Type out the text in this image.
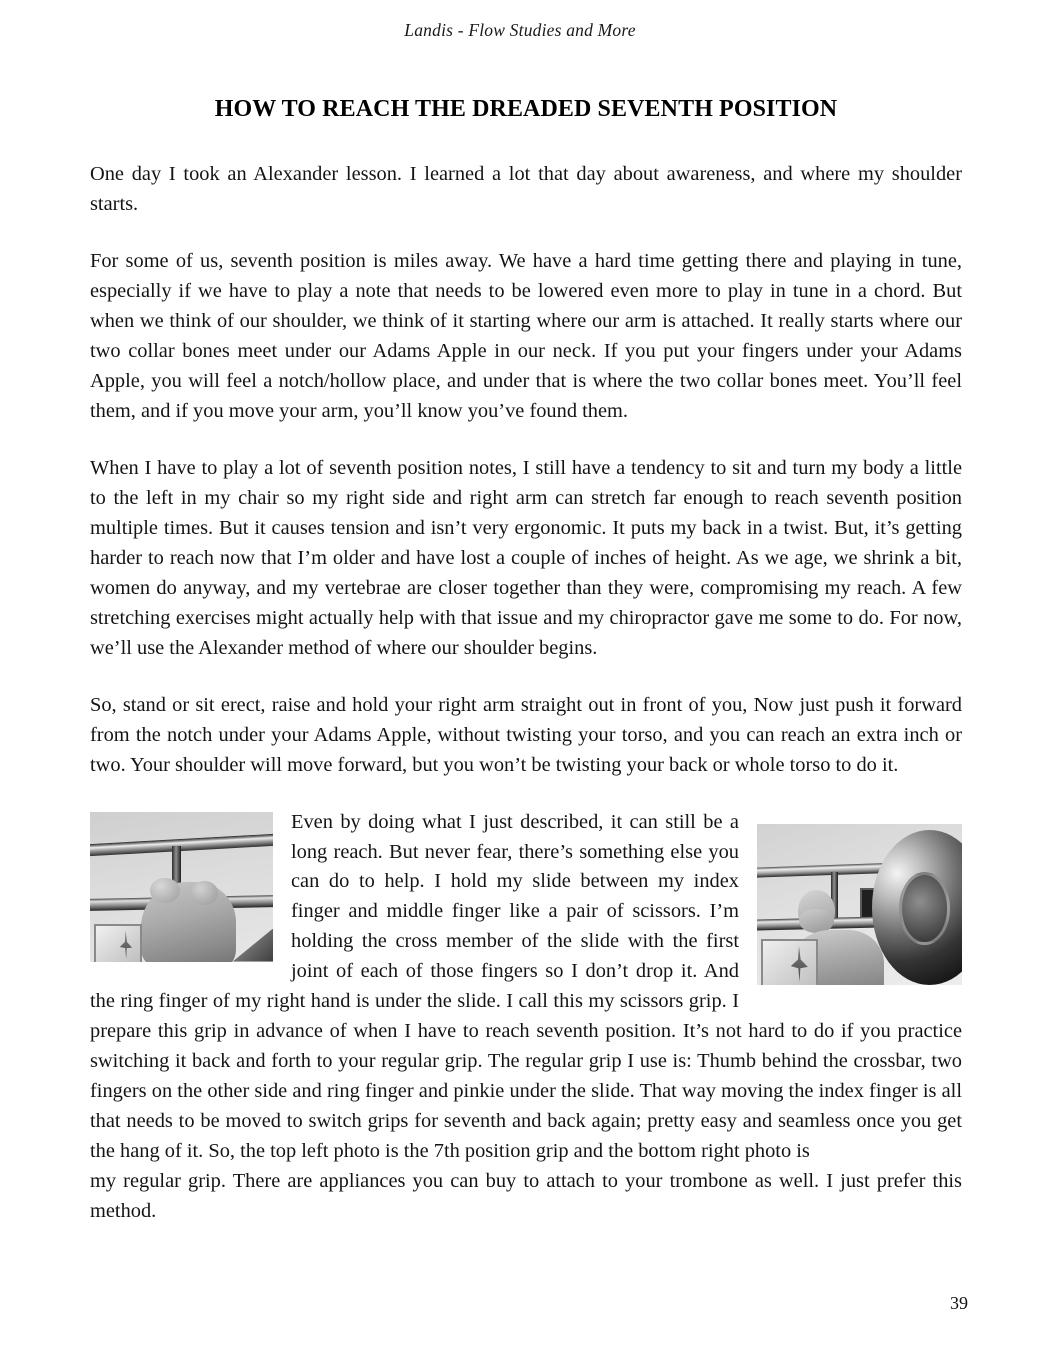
Landis - Flow Studies and More
HOW TO REACH THE DREADED SEVENTH POSITION

One day I took an Alexander lesson. I learned a lot that day about awareness, and where my shoulder starts.

For some of us, seventh position is miles away. We have a hard time getting there and playing in tune, especially if we have to play a note that needs to be lowered even more to play in tune in a chord. But when we think of our shoulder, we think of it starting where our arm is attached. It really starts where our two collar bones meet under our Adams Apple in our neck. If you put your fingers under your Adams Apple, you will feel a notch/hollow place, and under that is where the two collar bones meet. You’ll feel them, and if you move your arm, you’ll know you’ve found them.

When I have to play a lot of seventh position notes, I still have a tendency to sit and turn my body a little to the left in my chair so my right side and right arm can stretch far enough to reach seventh position multiple times. But it causes tension and isn’t very ergonomic. It puts my back in a twist. But, it’s getting harder to reach now that I’m older and have lost a couple of inches of height. As we age, we shrink a bit, women do anyway, and my vertebrae are closer together than they were, compromising my reach. A few stretching exercises might actually help with that issue and my chiropractor gave me some to do. For now, we’ll use the Alexander method of where our shoulder begins.

So, stand or sit erect, raise and hold your right arm straight out in front of you, Now just push it forward from the notch under your Adams Apple, without twisting your torso, and you can reach an extra inch or two. Your shoulder will move forward, but you won’t be twisting your back or whole torso to do it.

Even by doing what I just described, it can still be a long reach. But never fear, there’s something else you can do to help. I hold my slide between my index finger and middle finger like a pair of scissors. I’m holding the cross member of the slide with the first joint of each of those fingers so I don’t drop it. And the ring finger of my right hand is under the slide. I call this my scissors grip. I prepare this grip in advance of when I have to reach seventh position. It’s not hard to do if you practice switching it back and forth to your regular grip. The regular grip I use is: Thumb behind the crossbar, two fingers on the other side and ring finger and pinkie under the slide. That way moving the index finger is all that needs to be moved to switch grips for seventh and back again; pretty easy and seamless once you get the hang of it. So, the top left photo is the 7th position grip and the bottom right photo is

my regular grip. There are appliances you can buy to attach to your trombone as well. I just prefer this method.

39
